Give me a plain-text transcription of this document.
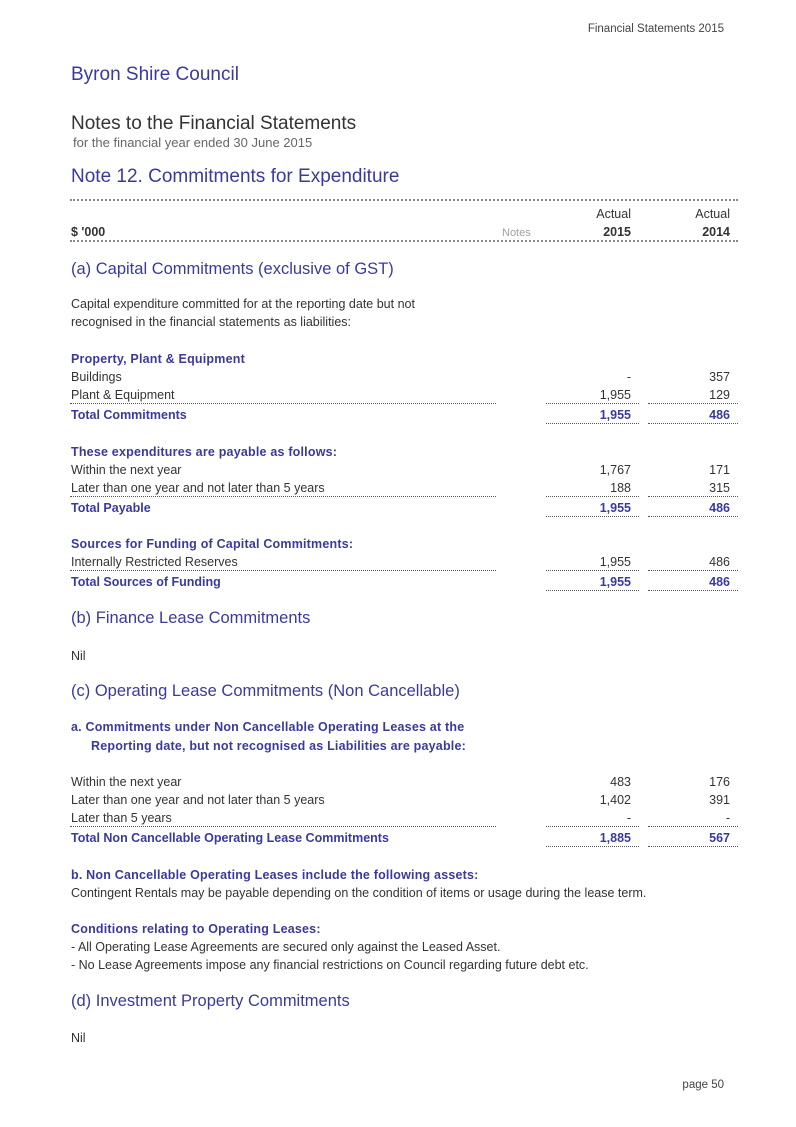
Financial Statements 2015
Byron Shire Council
Notes to the Financial Statements
for the financial year ended 30 June 2015
Note 12. Commitments for Expenditure
Actual	Actual
$ '000	Notes	2015	2014
(a) Capital Commitments (exclusive of GST)
Capital expenditure committed for at the reporting date but not
recognised in the financial statements as liabilities:
Property, Plant & Equipment
Buildings	-	357
Plant & Equipment	1,955	129
Total Commitments	1,955	486
These expenditures are payable as follows:
Within the next year	1,767	171
Later than one year and not later than 5 years	188	315
Total Payable	1,955	486
Sources for Funding of Capital Commitments:
Internally Restricted Reserves	1,955	486
Total Sources of Funding	1,955	486
(b) Finance Lease Commitments
Nil
(c) Operating Lease Commitments (Non Cancellable)
a. Commitments under Non Cancellable Operating Leases at the
Reporting date, but not recognised as Liabilities are payable:
Within the next year	483	176
Later than one year and not later than 5 years	1,402	391
Later than 5 years	-	-
Total Non Cancellable Operating Lease Commitments	1,885	567
b. Non Cancellable Operating Leases include the following assets:
Contingent Rentals may be payable depending on the condition of items or usage during the lease term.
Conditions relating to Operating Leases:
- All Operating Lease Agreements are secured only against the Leased Asset.
- No Lease Agreements impose any financial restrictions on Council regarding future debt etc.
(d) Investment Property Commitments
Nil
page 50
